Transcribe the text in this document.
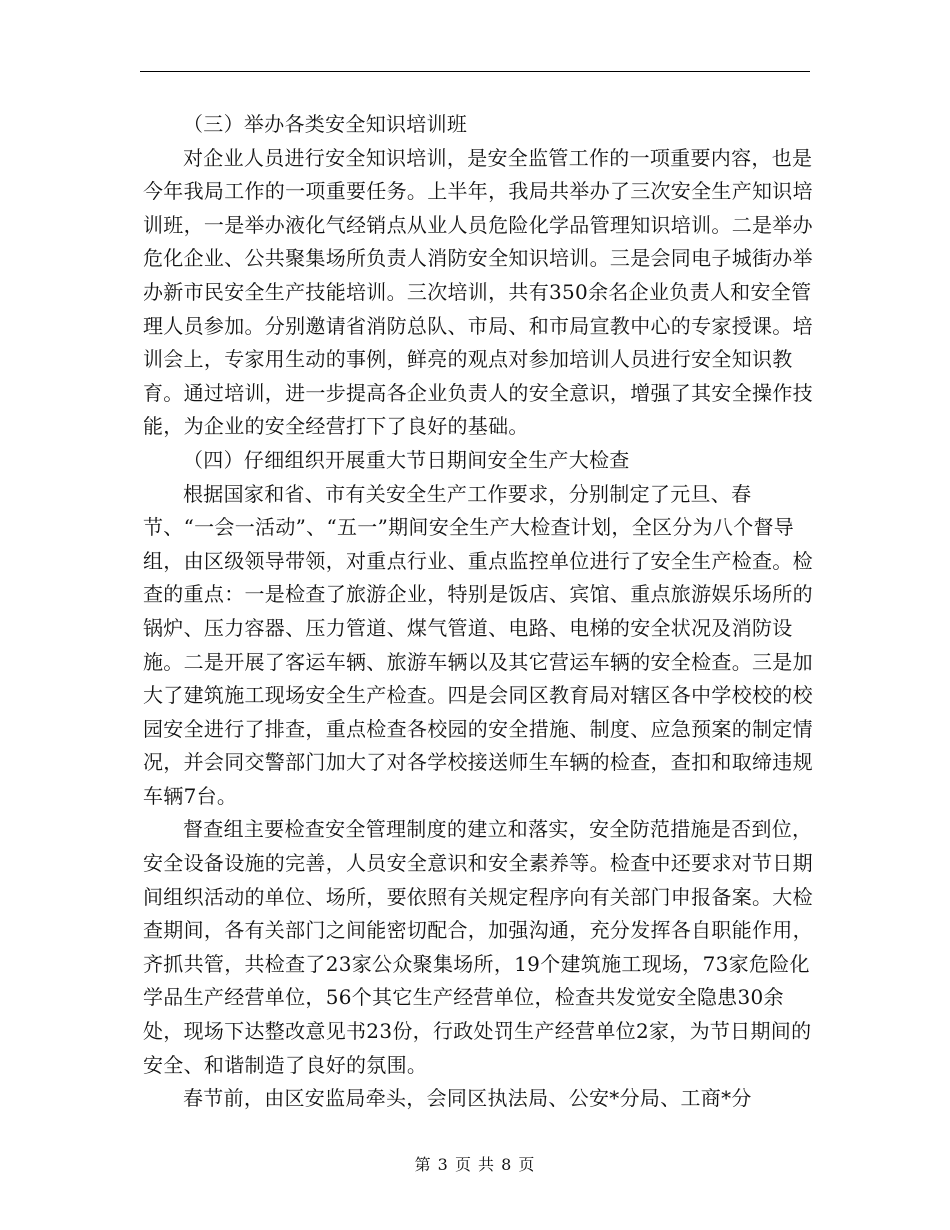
（三）举办各类安全知识培训班

对企业人员进行安全知识培训，是安全监管工作的一项重要内容，也是今年我局工作的一项重要任务。上半年，我局共举办了三次安全生产知识培训班，一是举办液化气经销点从业人员危险化学品管理知识培训。二是举办危化企业、公共聚集场所负责人消防安全知识培训。三是会同电子城街办举办新市民安全生产技能培训。三次培训，共有350余名企业负责人和安全管理人员参加。分别邀请省消防总队、市局、和市局宣教中心的专家授课。培训会上，专家用生动的事例，鲜亮的观点对参加培训人员进行安全知识教育。通过培训，进一步提高各企业负责人的安全意识，增强了其安全操作技能，为企业的安全经营打下了良好的基础。

（四）仔细组织开展重大节日期间安全生产大检查

根据国家和省、市有关安全生产工作要求，分别制定了元旦、春节、“一会一活动”、“五一”期间安全生产大检查计划，全区分为八个督导组，由区级领导带领，对重点行业、重点监控单位进行了安全生产检查。检查的重点：一是检查了旅游企业，特别是饭店、宾馆、重点旅游娱乐场所的锅炉、压力容器、压力管道、煤气管道、电路、电梯的安全状况及消防设施。二是开展了客运车辆、旅游车辆以及其它营运车辆的安全检查。三是加大了建筑施工现场安全生产检查。四是会同区教育局对辖区各中学校校的校园安全进行了排查，重点检查各校园的安全措施、制度、应急预案的制定情况，并会同交警部门加大了对各学校接送师生车辆的检查，查扣和取缔违规车辆7台。

督查组主要检查安全管理制度的建立和落实，安全防范措施是否到位，安全设备设施的完善，人员安全意识和安全素养等。检查中还要求对节日期间组织活动的单位、场所，要依照有关规定程序向有关部门申报备案。大检查期间，各有关部门之间能密切配合，加强沟通，充分发挥各自职能作用，齐抓共管，共检查了23家公众聚集场所，19个建筑施工现场，73家危险化学品生产经营单位，56个其它生产经营单位，检查共发觉安全隐患30余处，现场下达整改意见书23份，行政处罚生产经营单位2家，为节日期间的安全、和谐制造了良好的氛围。

春节前，由区安监局牵头，会同区执法局、公安*分局、工商*分

第 3 页 共 8 页
